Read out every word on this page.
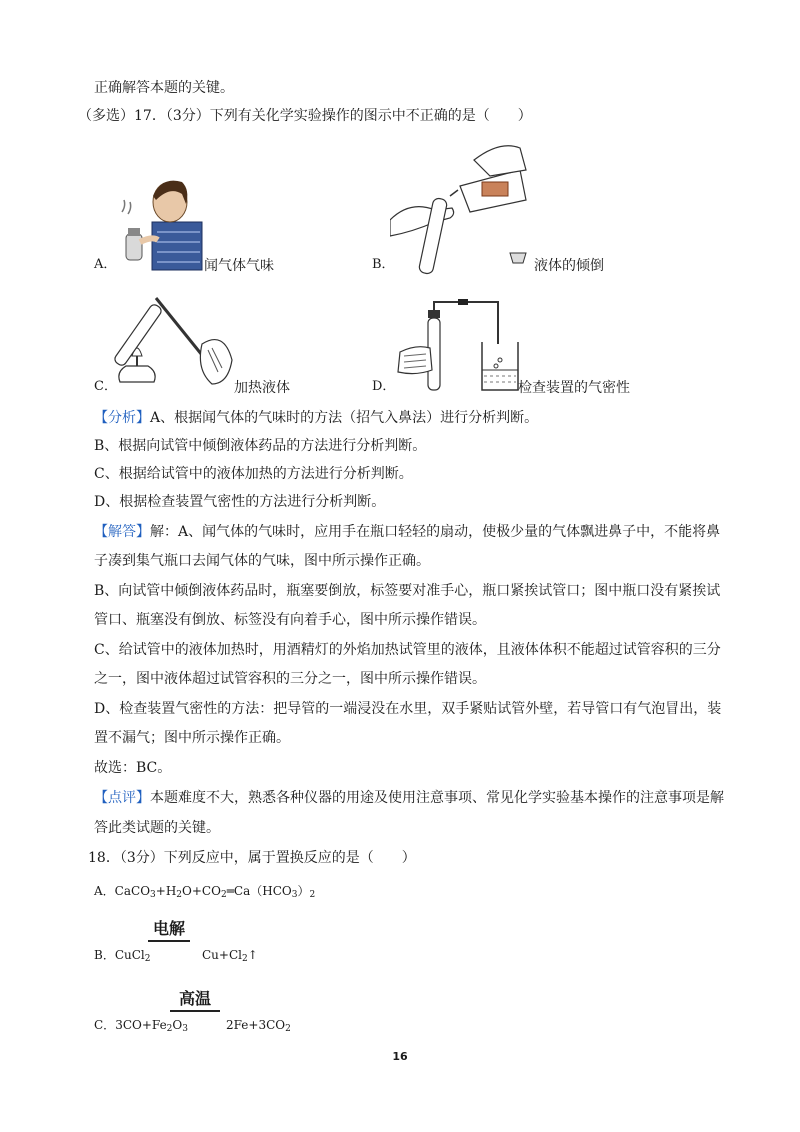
正确解答本题的关键。
（多选）17．（3分）下列有关化学实验操作的图示中不正确的是（　　）
A．	闻气体气味	B．	液体的倾倒
C．	加热液体	D．	检查装置的气密性
【分析】A、根据闻气体的气味时的方法（招气入鼻法）进行分析判断。
B、根据向试管中倾倒液体药品的方法进行分析判断。
C、根据给试管中的液体加热的方法进行分析判断。
D、根据检查装置气密性的方法进行分析判断。
【解答】解：A、闻气体的气味时，应用手在瓶口轻轻的扇动，使极少量的气体飘进鼻子中，不能将鼻
子凑到集气瓶口去闻气体的气味，图中所示操作正确。
B、向试管中倾倒液体药品时，瓶塞要倒放，标签要对准手心，瓶口紧挨试管口；图中瓶口没有紧挨试
管口、瓶塞没有倒放、标签没有向着手心，图中所示操作错误。
C、给试管中的液体加热时，用酒精灯的外焰加热试管里的液体，且液体体积不能超过试管容积的三分
之一，图中液体超过试管容积的三分之一，图中所示操作错误。
D、检查装置气密性的方法：把导管的一端浸没在水里，双手紧贴试管外壁，若导管口有气泡冒出，装
置不漏气；图中所示操作正确。
故选：BC。
【点评】本题难度不大，熟悉各种仪器的用途及使用注意事项、常见化学实验基本操作的注意事项是解
答此类试题的关键。
18．（3分）下列反应中，属于置换反应的是（　　）
A．$CaCO_3+H_2O+CO_2═Ca(HCO_3)_2$
电解
B．CuCl$_2$	$Cu+Cl_2↑$
高温
C．$3CO+Fe_2O_3$	$2Fe+3CO_2$
16
